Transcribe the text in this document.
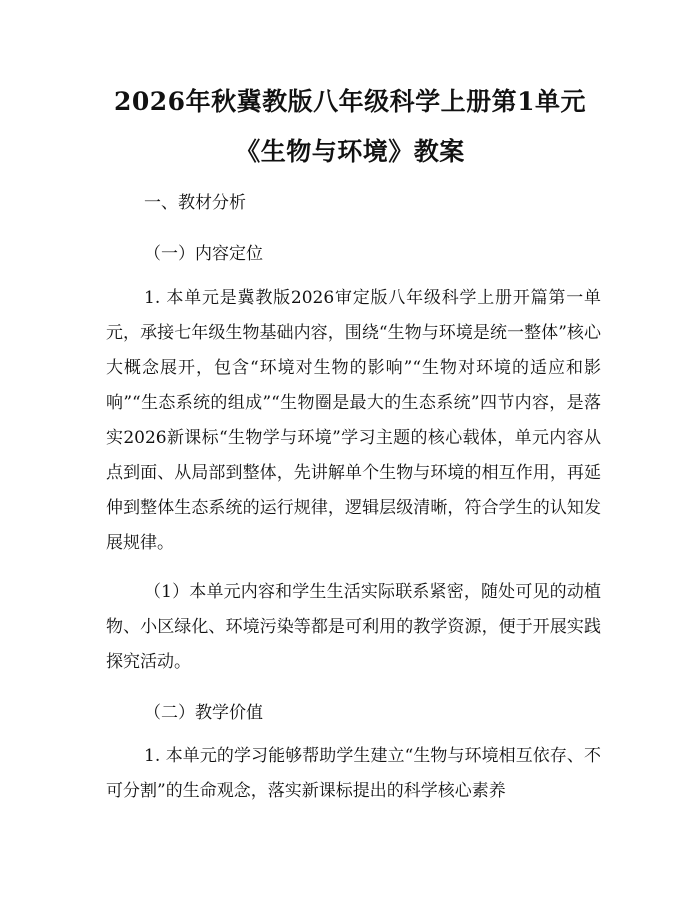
2026年秋冀教版八年级科学上册第1单元
《生物与环境》教案
一、教材分析
（一）内容定位
1. 本单元是冀教版2026审定版八年级科学上册开篇第一单元，承接七年级生物基础内容，围绕“生物与环境是统一整体”核心大概念展开，包含“环境对生物的影响”“生物对环境的适应和影响”“生态系统的组成”“生物圈是最大的生态系统”四节内容，是落实2026新课标“生物学与环境”学习主题的核心载体，单元内容从点到面、从局部到整体，先讲解单个生物与环境的相互作用，再延伸到整体生态系统的运行规律，逻辑层级清晰，符合学生的认知发展规律。
（1）本单元内容和学生生活实际联系紧密，随处可见的动植物、小区绿化、环境污染等都是可利用的教学资源，便于开展实践探究活动。
（二）教学价值
1. 本单元的学习能够帮助学生建立“生物与环境相互依存、不可分割”的生命观念，落实新课标提出的科学核心素养
